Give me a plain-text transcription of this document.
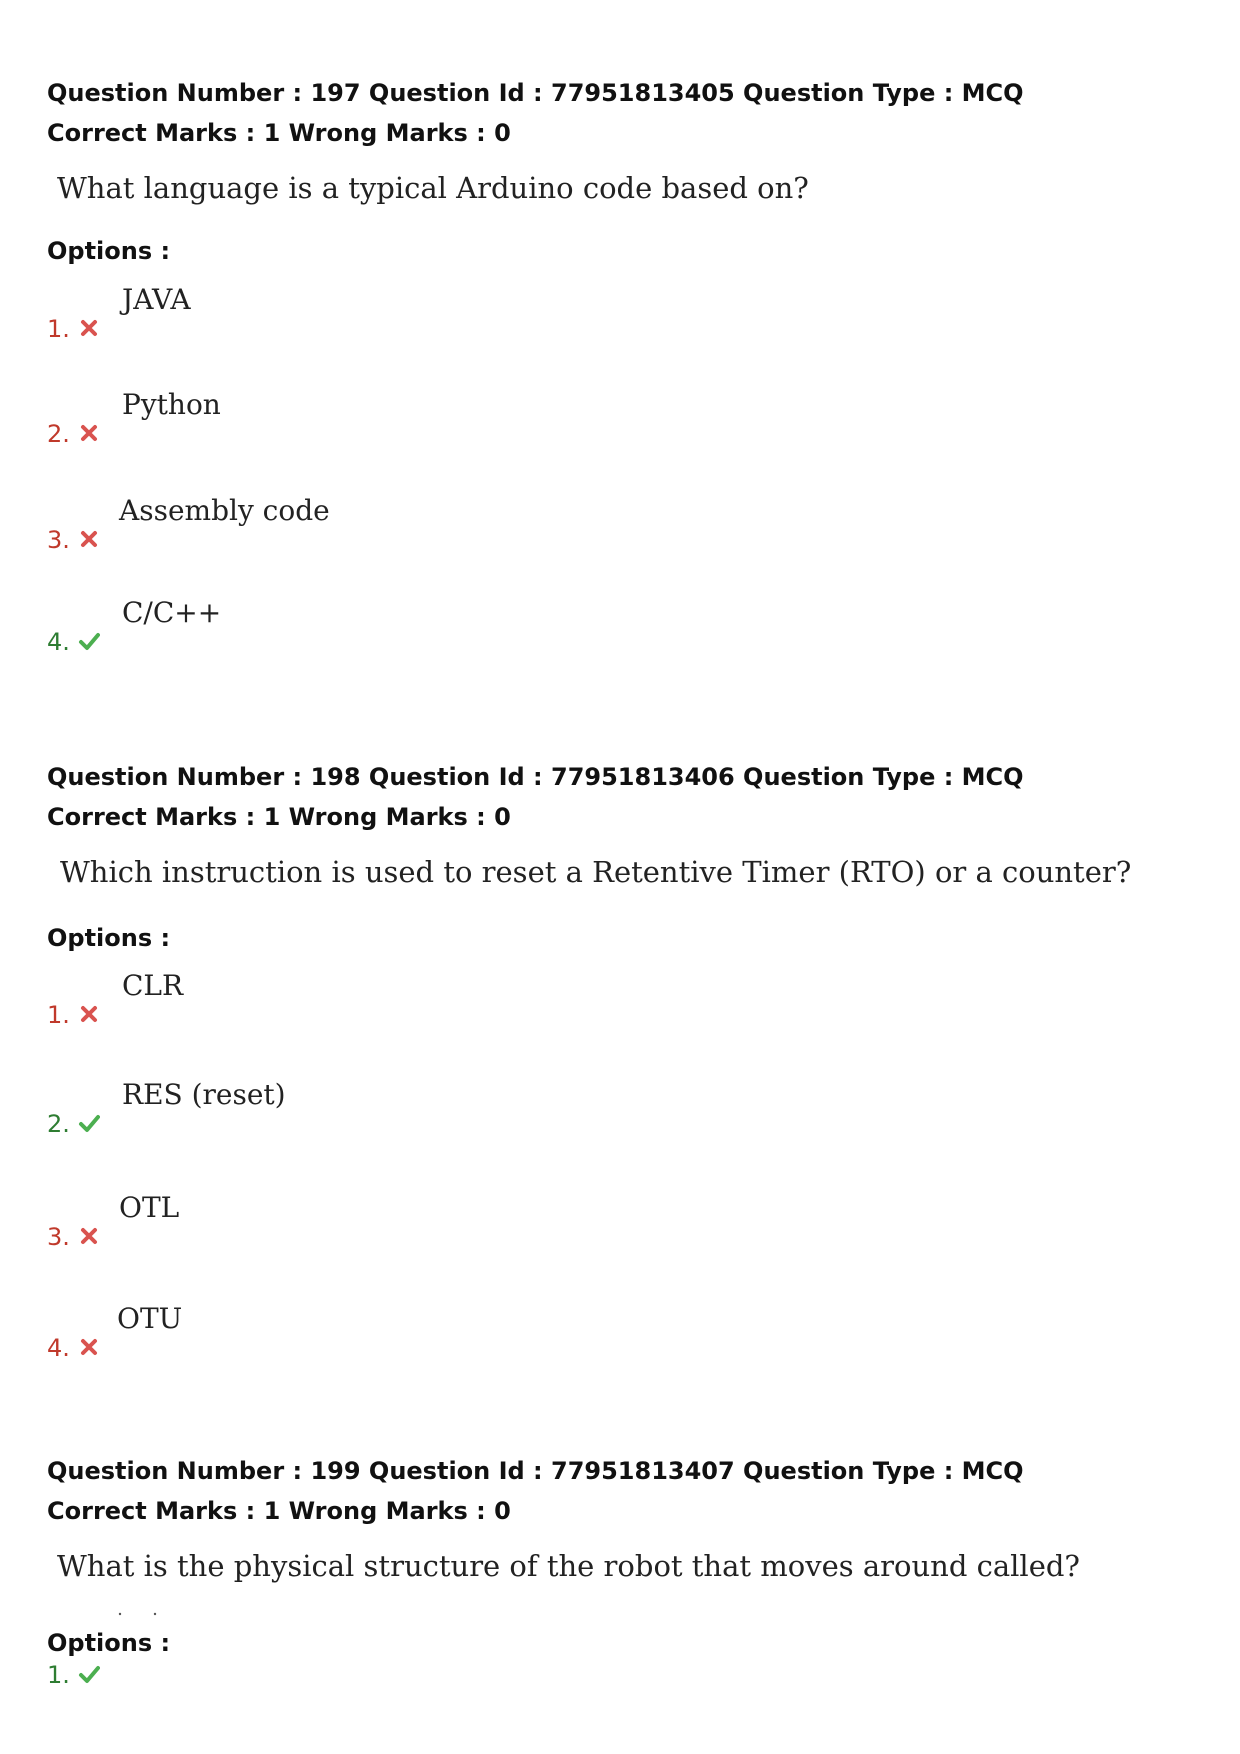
Question Number : 197 Question Id : 77951813405 Question Type : MCQ
Correct Marks : 1 Wrong Marks : 0
What language is a typical Arduino code based on?
Options :
1.
JAVA
2.
Python
3.
Assembly code
4.
C/C++
Question Number : 198 Question Id : 77951813406 Question Type : MCQ
Correct Marks : 1 Wrong Marks : 0
Which instruction is used to reset a Retentive Timer (RTO) or a counter?
Options :
1.
CLR
2.
RES (reset)
3.
OTL
4.
OTU
Question Number : 199 Question Id : 77951813407 Question Type : MCQ
Correct Marks : 1 Wrong Marks : 0
What is the physical structure of the robot that moves around called?
Options :
1.
